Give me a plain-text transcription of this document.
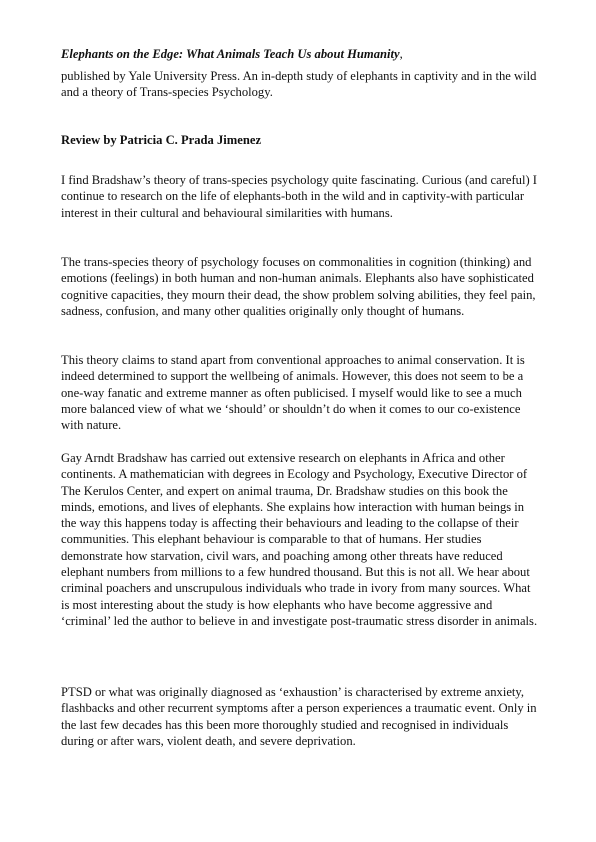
Elephants on the Edge: What Animals Teach Us about Humanity,

published by Yale University Press. An in-depth study of elephants in captivity and in the wild and a theory of Trans-species Psychology.

Review by Patricia C. Prada Jimenez

I find Bradshaw’s theory of trans-species psychology quite fascinating. Curious (and careful) I continue to research on the life of elephants-both in the wild and in captivity-with particular interest in their cultural and behavioural similarities with humans.

The trans-species theory of psychology focuses on commonalities in cognition (thinking) and emotions (feelings) in both human and non-human animals. Elephants also have sophisticated cognitive capacities, they mourn their dead, the show problem solving abilities, they feel pain, sadness, confusion, and many other qualities originally only thought of humans.

This theory claims to stand apart from conventional approaches to animal conservation. It is indeed determined to support the wellbeing of animals. However, this does not seem to be a one-way fanatic and extreme manner as often publicised. I myself would like to see a much more balanced view of what we ‘should’ or shouldn’t do when it comes to our co-existence with nature.

Gay Arndt Bradshaw has carried out extensive research on elephants in Africa and other continents. A mathematician with degrees in Ecology and Psychology, Executive Director of The Kerulos Center, and expert on animal trauma, Dr. Bradshaw studies on this book the minds, emotions, and lives of elephants. She explains how interaction with human beings in the way this happens today is affecting their behaviours and leading to the collapse of their communities. This elephant behaviour is comparable to that of humans. Her studies demonstrate how starvation, civil wars, and poaching among other threats have reduced elephant numbers from millions to a few hundred thousand. But this is not all. We hear about criminal poachers and unscrupulous individuals who trade in ivory from many sources. What is most interesting about the study is how elephants who have become aggressive and ‘criminal’ led the author to believe in and investigate post-traumatic stress disorder in animals.

PTSD or what was originally diagnosed as ‘exhaustion’ is characterised by extreme anxiety, flashbacks and other recurrent symptoms after a person experiences a traumatic event. Only in the last few decades has this been more thoroughly studied and recognised in individuals during or after wars, violent death, and severe deprivation.
